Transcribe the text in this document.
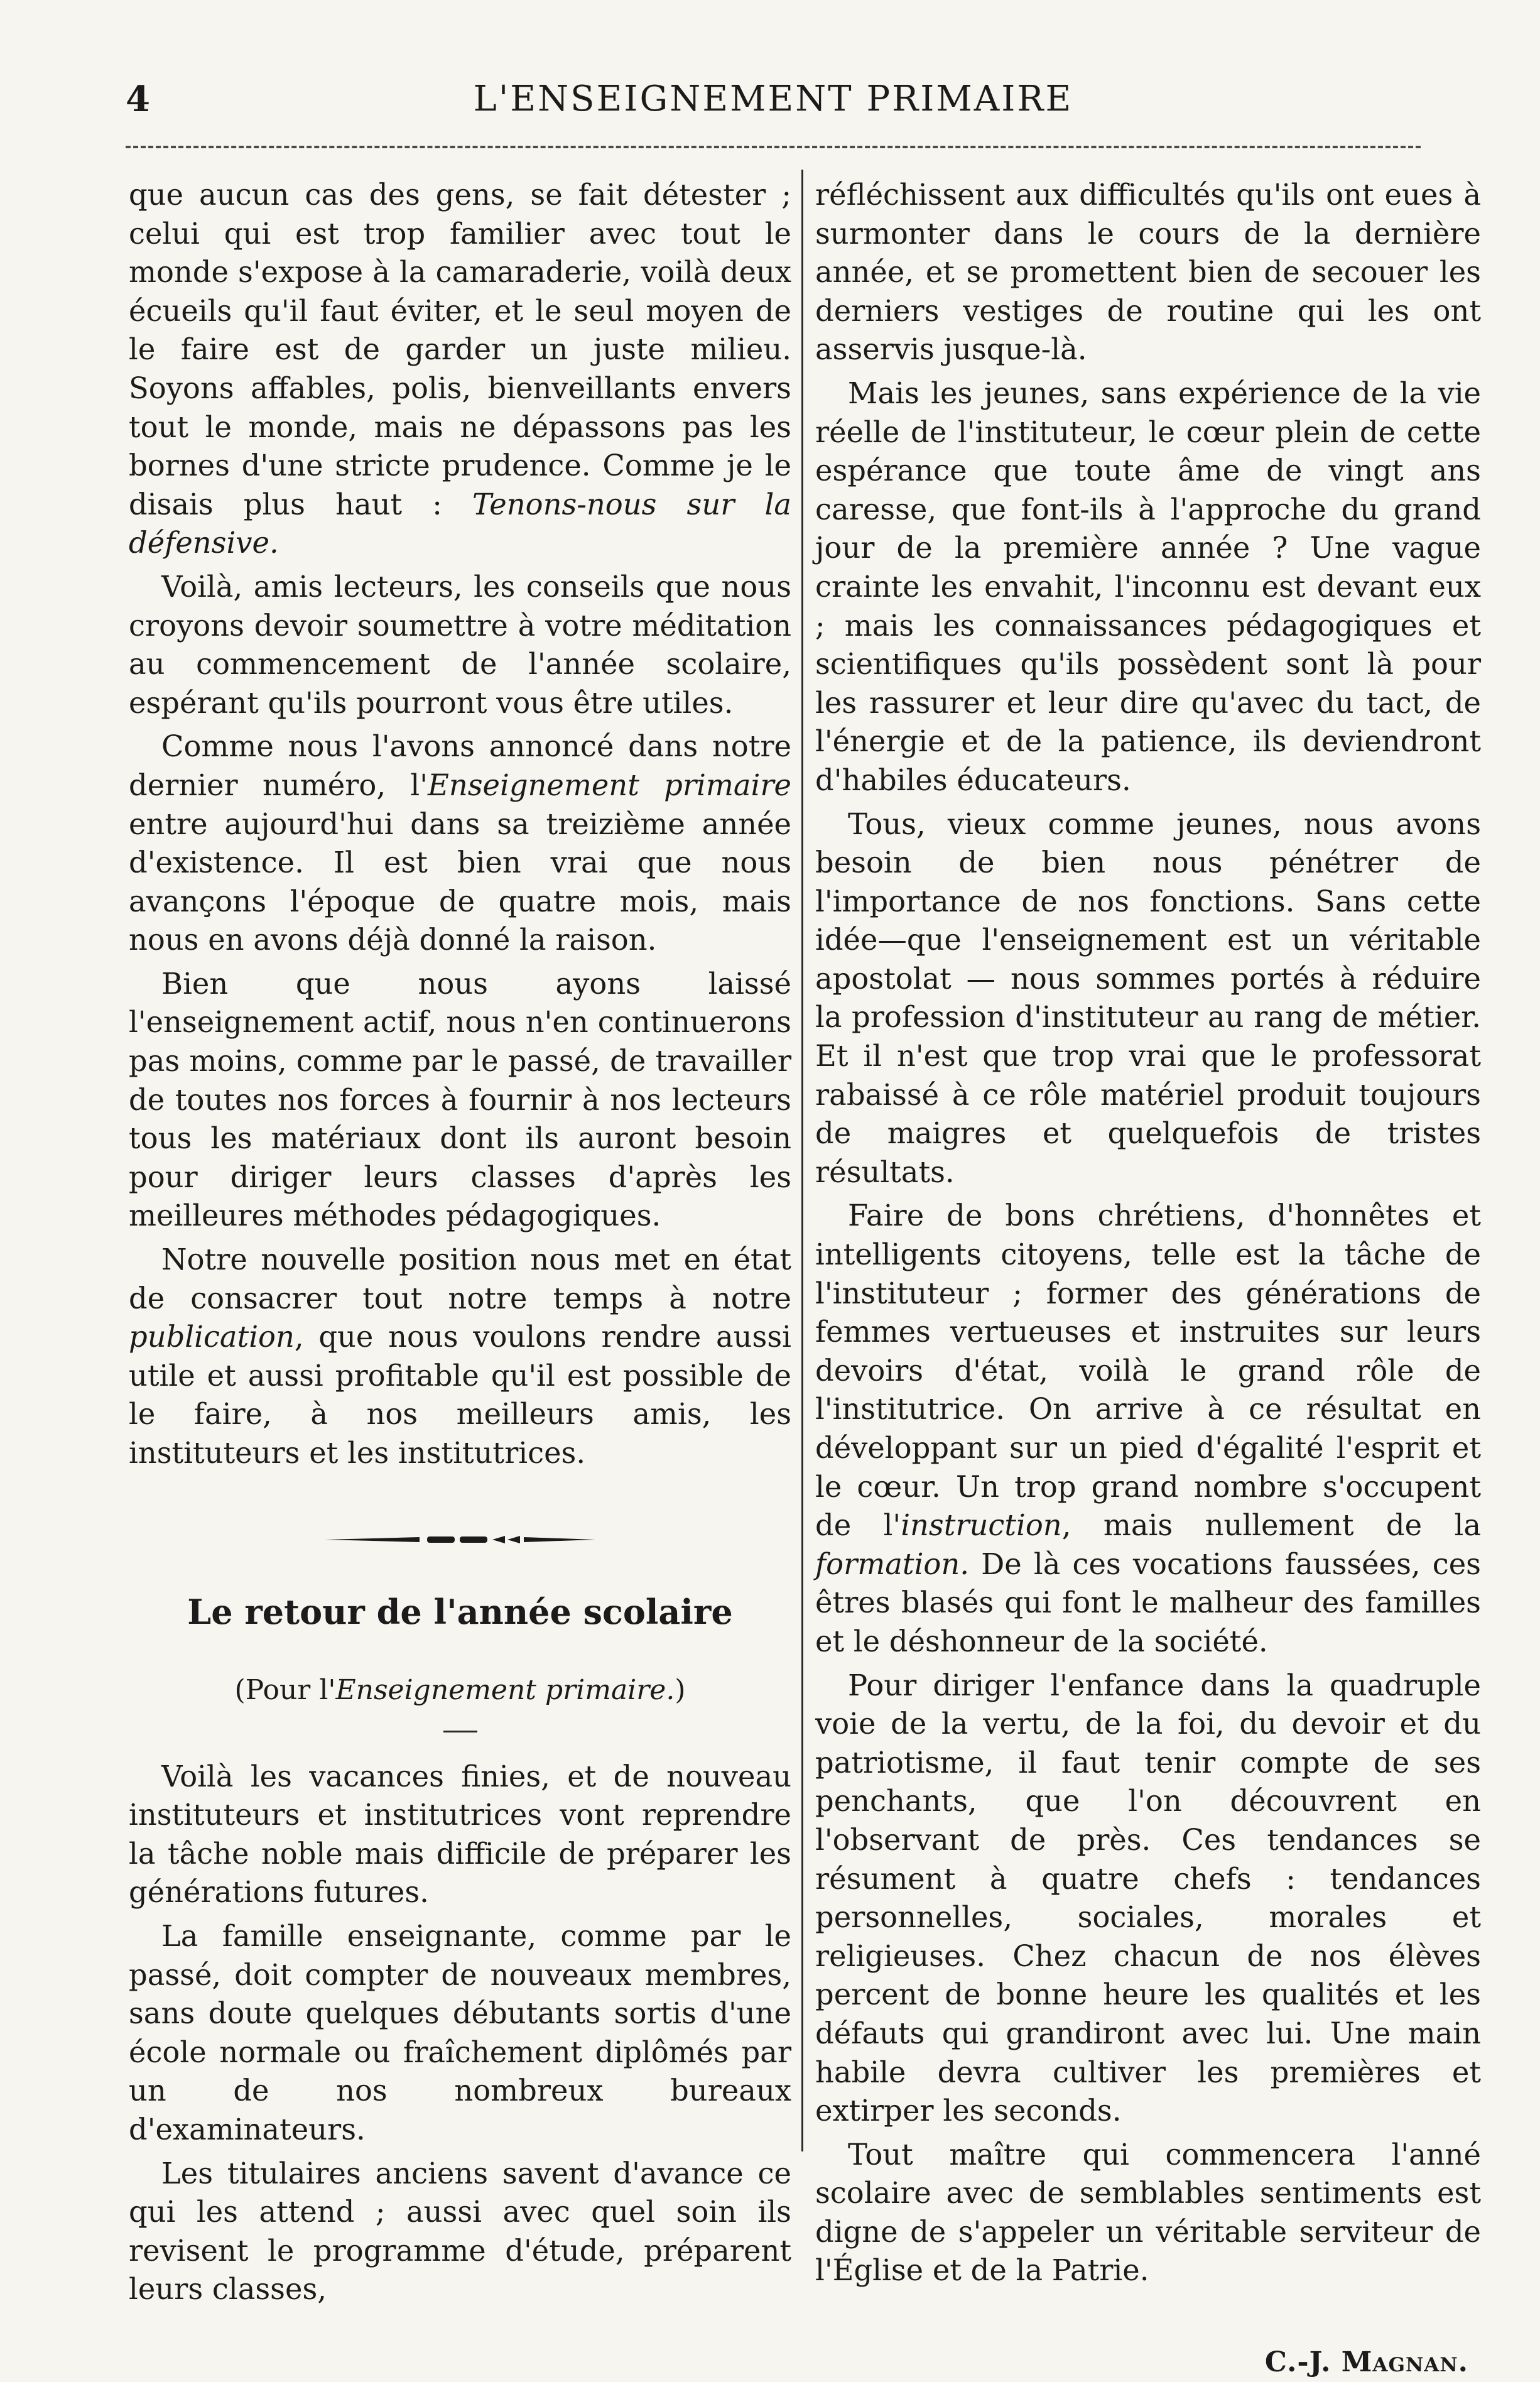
4	L'ENSEIGNEMENT PRIMAIRE

que aucun cas des gens, se fait détester ; celui qui est trop familier avec tout le monde s'expose à la camaraderie, voilà deux écueils qu'il faut éviter, et le seul moyen de le faire est de garder un juste milieu. Soyons affables, polis, bienveillants envers tout le monde, mais ne dépassons pas les bornes d'une stricte prudence. Comme je le disais plus haut : Tenons-nous sur la défensive.

Voilà, amis lecteurs, les conseils que nous croyons devoir soumettre à votre méditation au commencement de l'année scolaire, espérant qu'ils pourront vous être utiles.

Comme nous l'avons annoncé dans notre dernier numéro, l'Enseignement primaire entre aujourd'hui dans sa treizième année d'existence. Il est bien vrai que nous avançons l'époque de quatre mois, mais nous en avons déjà donné la raison.

Bien que nous ayons laissé l'enseignement actif, nous n'en continuerons pas moins, comme par le passé, de travailler de toutes nos forces à fournir à nos lecteurs tous les matériaux dont ils auront besoin pour diriger leurs classes d'après les meilleures méthodes pédagogiques.

Notre nouvelle position nous met en état de consacrer tout notre temps à notre publication, que nous voulons rendre aussi utile et aussi profitable qu'il est possible de le faire, à nos meilleurs amis, les instituteurs et les institutrices.

Le retour de l'année scolaire

(Pour l'Enseignement primaire.)

Voilà les vacances finies, et de nouveau instituteurs et institutrices vont reprendre la tâche noble mais difficile de préparer les générations futures.

La famille enseignante, comme par le passé, doit compter de nouveaux membres, sans doute quelques débutants sortis d'une école normale ou fraîchement diplômés par un de nos nombreux bureaux d'examinateurs.

Les titulaires anciens savent d'avance ce qui les attend ; aussi avec quel soin ils revisent le programme d'étude, préparent leurs classes,

réfléchissent aux difficultés qu'ils ont eues à surmonter dans le cours de la dernière année, et se promettent bien de secouer les derniers vestiges de routine qui les ont asservis jusque-là.

Mais les jeunes, sans expérience de la vie réelle de l'instituteur, le cœur plein de cette espérance que toute âme de vingt ans caresse, que font-ils à l'approche du grand jour de la première année ? Une vague crainte les envahit, l'inconnu est devant eux ; mais les connaissances pédagogiques et scientifiques qu'ils possèdent sont là pour les rassurer et leur dire qu'avec du tact, de l'énergie et de la patience, ils deviendront d'habiles éducateurs.

Tous, vieux comme jeunes, nous avons besoin de bien nous pénétrer de l'importance de nos fonctions. Sans cette idée—que l'enseignement est un véritable apostolat — nous sommes portés à réduire la profession d'instituteur au rang de métier. Et il n'est que trop vrai que le professorat rabaissé à ce rôle matériel produit toujours de maigres et quelquefois de tristes résultats.

Faire de bons chrétiens, d'honnêtes et intelligents citoyens, telle est la tâche de l'instituteur ; former des générations de femmes vertueuses et instruites sur leurs devoirs d'état, voilà le grand rôle de l'institutrice. On arrive à ce résultat en développant sur un pied d'égalité l'esprit et le cœur. Un trop grand nombre s'occupent de l'instruction, mais nullement de la formation. De là ces vocations faussées, ces êtres blasés qui font le malheur des familles et le déshonneur de la société.

Pour diriger l'enfance dans la quadruple voie de la vertu, de la foi, du devoir et du patriotisme, il faut tenir compte de ses penchants, que l'on découvrent en l'observant de près. Ces tendances se résument à quatre chefs : tendances personnelles, sociales, morales et religieuses. Chez chacun de nos élèves percent de bonne heure les qualités et les défauts qui grandiront avec lui. Une main habile devra cultiver les premières et extirper les seconds.

Tout maître qui commencera l'anné scolaire avec de semblables sentiments est digne de s'appeler un véritable serviteur de l'Église et de la Patrie.

C.-J. Magnan.
